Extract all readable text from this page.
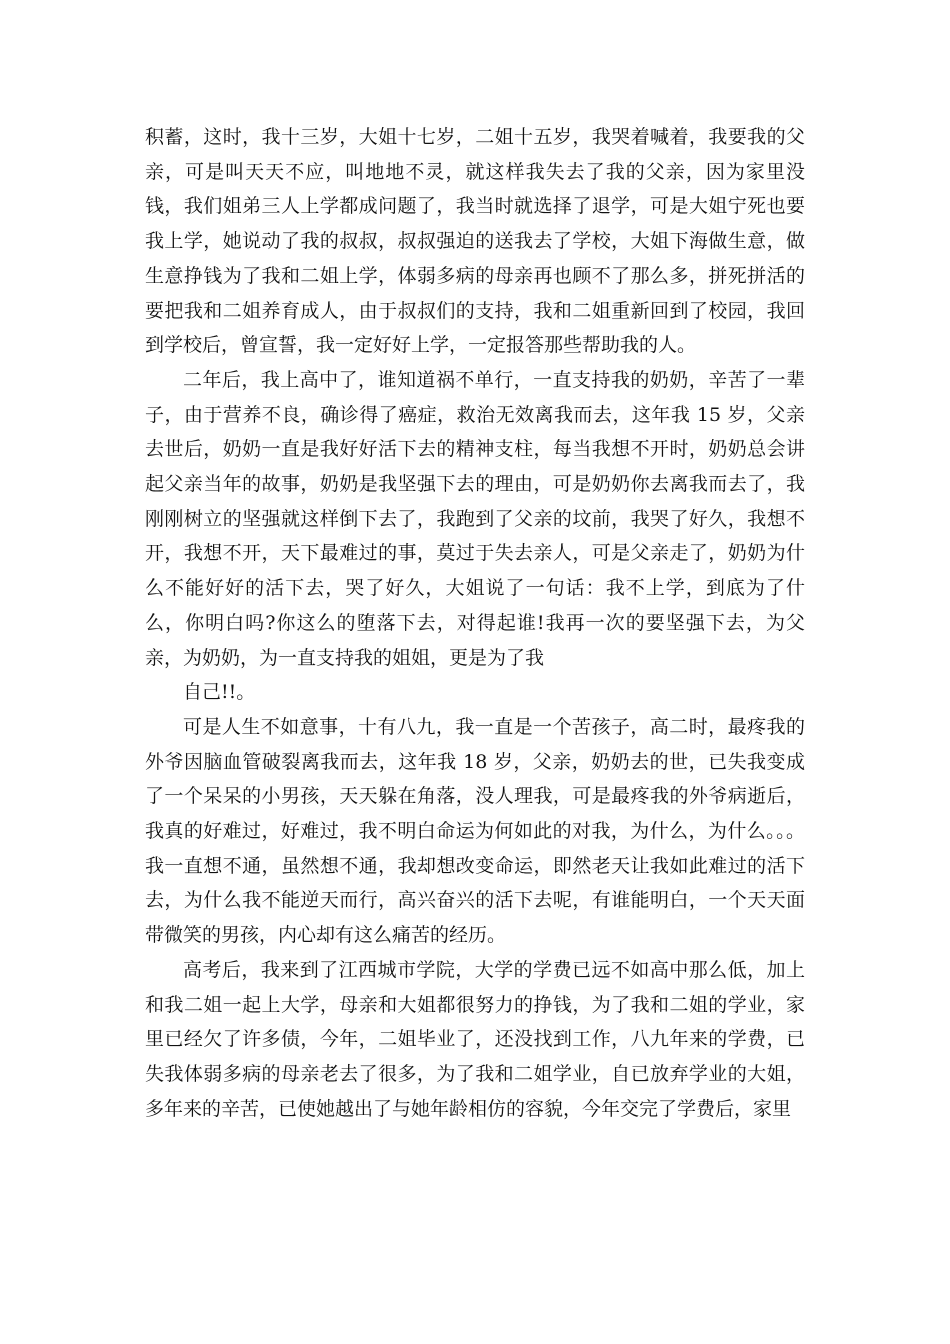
积蓄，这时，我十三岁，大姐十七岁，二姐十五岁，我哭着喊着，我要我的父亲，可是叫天天不应，叫地地不灵，就这样我失去了我的父亲，因为家里没钱，我们姐弟三人上学都成问题了，我当时就选择了退学，可是大姐宁死也要我上学，她说动了我的叔叔，叔叔强迫的送我去了学校，大姐下海做生意，做生意挣钱为了我和二姐上学，体弱多病的母亲再也顾不了那么多，拼死拼活的要把我和二姐养育成人，由于叔叔们的支持，我和二姐重新回到了校园，我回到学校后，曾宣誓，我一定好好上学，一定报答那些帮助我的人。

二年后，我上高中了，谁知道祸不单行，一直支持我的奶奶，辛苦了一辈子，由于营养不良，确诊得了癌症，救治无效离我而去，这年我 15 岁，父亲去世后，奶奶一直是我好好活下去的精神支柱，每当我想不开时，奶奶总会讲起父亲当年的故事，奶奶是我坚强下去的理由，可是奶奶你去离我而去了，我刚刚树立的坚强就这样倒下去了，我跑到了父亲的坟前，我哭了好久，我想不开，我想不开，天下最难过的事，莫过于失去亲人，可是父亲走了，奶奶为什么不能好好的活下去，哭了好久，大姐说了一句话：我不上学，到底为了什么，你明白吗?你这么的堕落下去，对得起谁!我再一次的要坚强下去，为父亲，为奶奶，为一直支持我的姐姐，更是为了我

自己!!。

可是人生不如意事，十有八九，我一直是一个苦孩子，高二时，最疼我的外爷因脑血管破裂离我而去，这年我 18 岁，父亲，奶奶去的世，已失我变成了一个呆呆的小男孩，天天躲在角落，没人理我，可是最疼我的外爷病逝后，我真的好难过，好难过，我不明白命运为何如此的对我，为什么，为什么。。。我一直想不通，虽然想不通，我却想改变命运，即然老天让我如此难过的活下去，为什么我不能逆天而行，高兴奋兴的活下去呢，有谁能明白，一个天天面带微笑的男孩，内心却有这么痛苦的经历。

高考后，我来到了江西城市学院，大学的学费已远不如高中那么低，加上和我二姐一起上大学，母亲和大姐都很努力的挣钱，为了我和二姐的学业，家里已经欠了许多债，今年，二姐毕业了，还没找到工作，八九年来的学费，已失我体弱多病的母亲老去了很多，为了我和二姐学业，自已放弃学业的大姐，多年来的辛苦，已使她越出了与她年龄相仿的容貌，今年交完了学费后，家里
